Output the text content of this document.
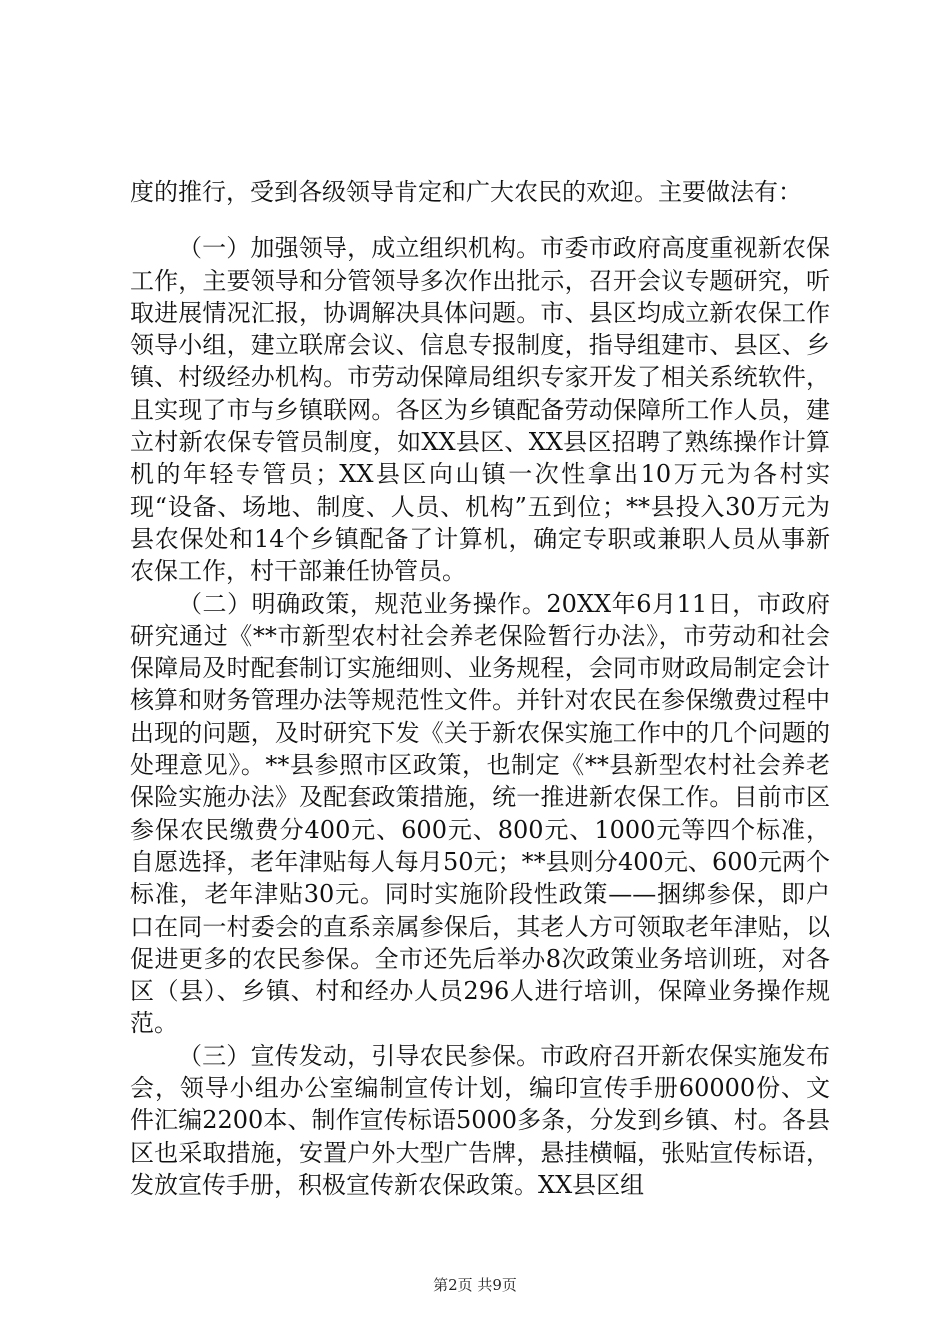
度的推行，受到各级领导肯定和广大农民的欢迎。主要做法有：

（一）加强领导，成立组织机构。市委市政府高度重视新农保工作，主要领导和分管领导多次作出批示，召开会议专题研究，听取进展情况汇报，协调解决具体问题。市、县区均成立新农保工作领导小组，建立联席会议、信息专报制度，指导组建市、县区、乡镇、村级经办机构。市劳动保障局组织专家开发了相关系统软件，且实现了市与乡镇联网。各区为乡镇配备劳动保障所工作人员，建立村新农保专管员制度，如XX县区、XX县区招聘了熟练操作计算机的年轻专管员；XX县区向山镇一次性拿出10万元为各村实现“设备、场地、制度、人员、机构”五到位；**县投入30万元为县农保处和14个乡镇配备了计算机，确定专职或兼职人员从事新农保工作，村干部兼任协管员。

（二）明确政策，规范业务操作。20XX年6月11日，市政府研究通过《**市新型农村社会养老保险暂行办法》，市劳动和社会保障局及时配套制订实施细则、业务规程，会同市财政局制定会计核算和财务管理办法等规范性文件。并针对农民在参保缴费过程中出现的问题，及时研究下发《关于新农保实施工作中的几个问题的处理意见》。**县参照市区政策，也制定《**县新型农村社会养老保险实施办法》及配套政策措施，统一推进新农保工作。目前市区参保农民缴费分400元、600元、800元、1000元等四个标准，自愿选择，老年津贴每人每月50元；**县则分400元、600元两个标准，老年津贴30元。同时实施阶段性政策——捆绑参保，即户口在同一村委会的直系亲属参保后，其老人方可领取老年津贴，以促进更多的农民参保。全市还先后举办8次政策业务培训班，对各区（县）、乡镇、村和经办人员296人进行培训，保障业务操作规范。

（三）宣传发动，引导农民参保。市政府召开新农保实施发布会，领导小组办公室编制宣传计划，编印宣传手册60000份、文件汇编2200本、制作宣传标语5000多条，分发到乡镇、村。各县区也采取措施，安置户外大型广告牌，悬挂横幅，张贴宣传标语，发放宣传手册，积极宣传新农保政策。XX县区组

第2页 共9页
